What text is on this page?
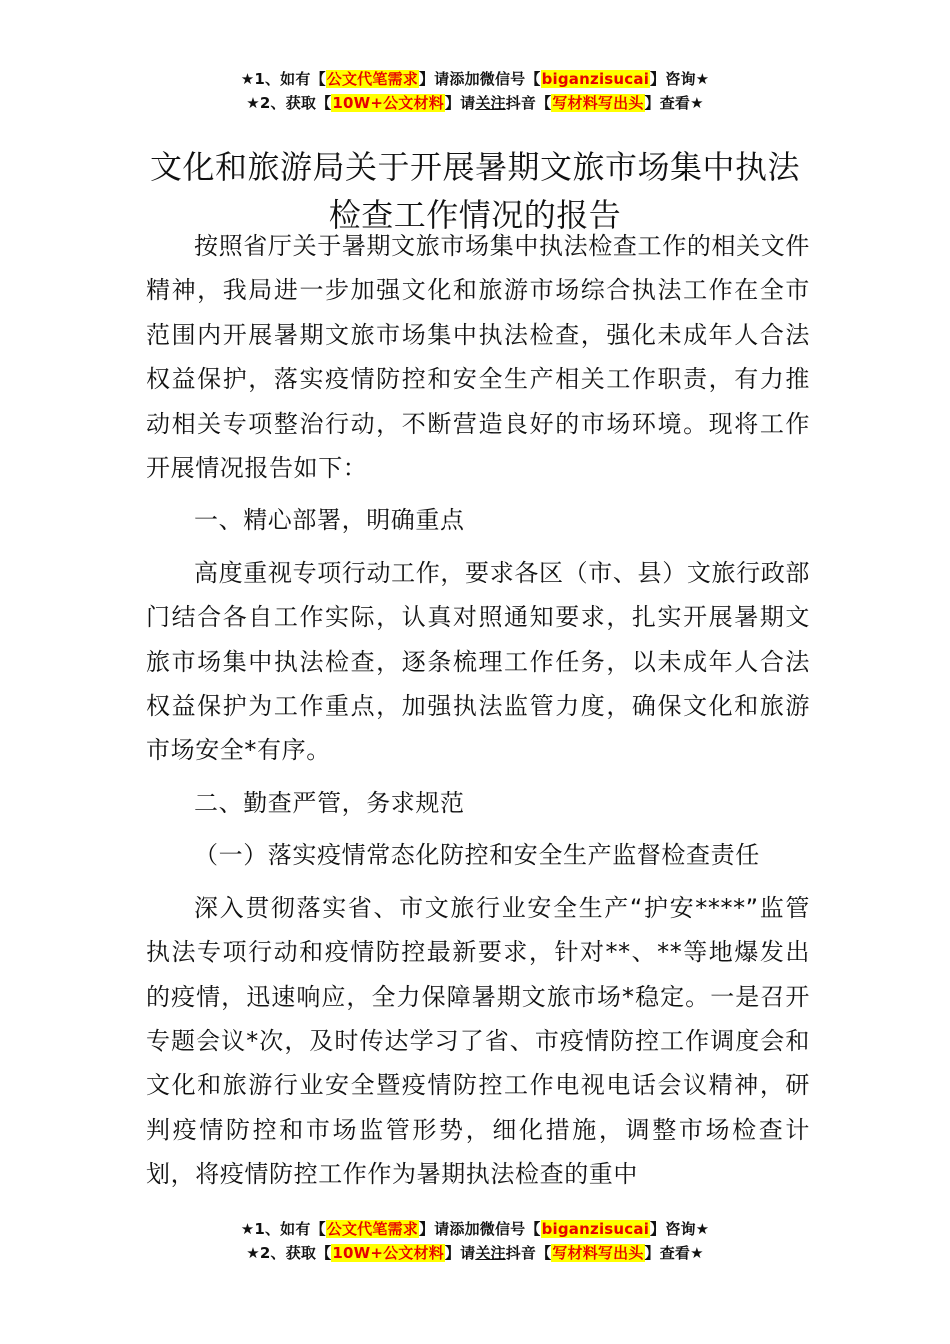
★1、如有【公文代笔需求】请添加微信号【biganzisucai】咨询★
★2、获取【10W+公文材料】请关注抖音【写材料写出头】查看★
文化和旅游局关于开展暑期文旅市场集中执法检查工作情况的报告

按照省厅关于暑期文旅市场集中执法检查工作的相关文件精神，我局进一步加强文化和旅游市场综合执法工作在全市范围内开展暑期文旅市场集中执法检查，强化未成年人合法权益保护，落实疫情防控和安全生产相关工作职责，有力推动相关专项整治行动，不断营造良好的市场环境。现将工作开展情况报告如下：

一、精心部署，明确重点

高度重视专项行动工作，要求各区（市、县）文旅行政部门结合各自工作实际，认真对照通知要求，扎实开展暑期文旅市场集中执法检查，逐条梳理工作任务，以未成年人合法权益保护为工作重点，加强执法监管力度，确保文化和旅游市场安全*有序。

二、勤查严管，务求规范

（一）落实疫情常态化防控和安全生产监督检查责任

深入贯彻落实省、市文旅行业安全生产“护安****”监管执法专项行动和疫情防控最新要求，针对**、**等地爆发出的疫情，迅速响应，全力保障暑期文旅市场*稳定。一是召开专题会议*次，及时传达学习了省、市疫情防控工作调度会和文化和旅游行业安全暨疫情防控工作电视电话会议精神，研判疫情防控和市场监管形势，细化措施，调整市场检查计划，将疫情防控工作作为暑期执法检查的重中

★1、如有【公文代笔需求】请添加微信号【biganzisucai】咨询★
★2、获取【10W+公文材料】请关注抖音【写材料写出头】查看★
